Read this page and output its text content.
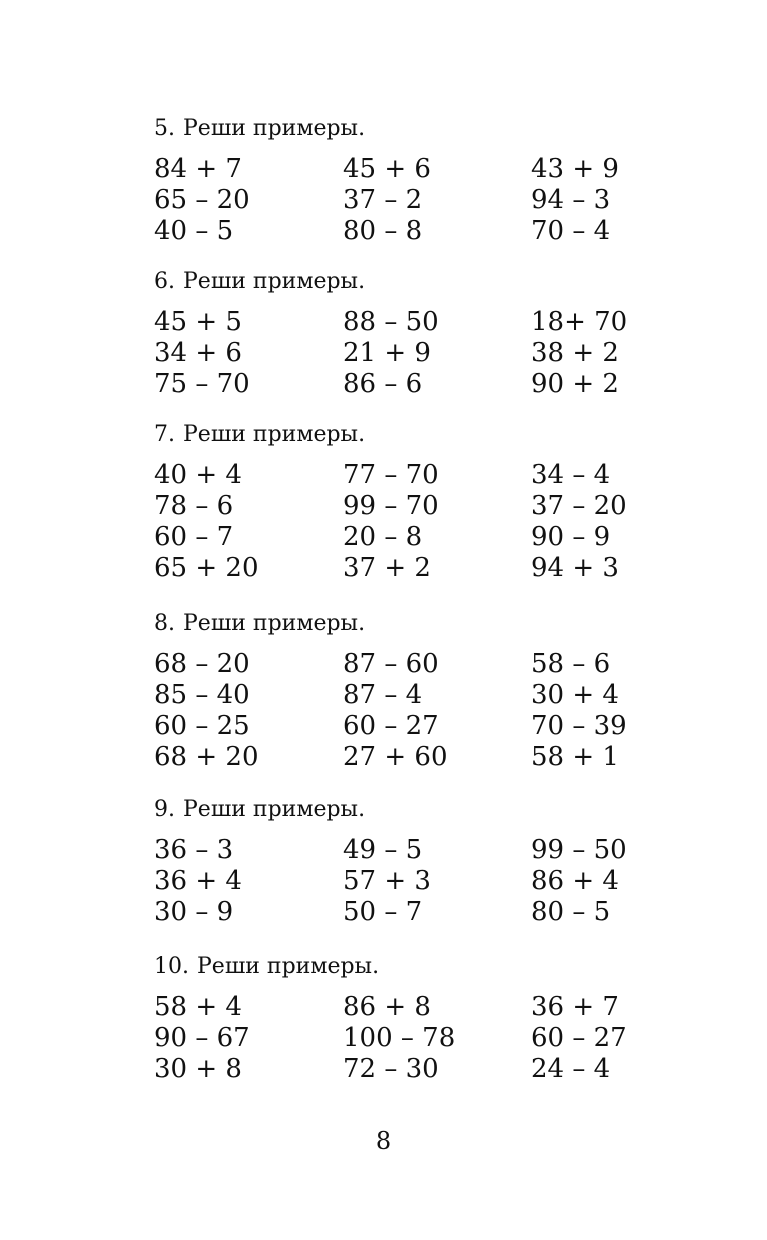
5. Реши примеры.
84 + 7	45 + 6	43 + 9
65 – 20	37 – 2	94 – 3
40 – 5	80 – 8	70 – 4
6. Реши примеры.
45 + 5	88 – 50	18+ 70
34 + 6	21 + 9	38 + 2
75 – 70	86 – 6	90 + 2
7. Реши примеры.
40 + 4	77 – 70	34 – 4
78 – 6	99 – 70	37 – 20
60 – 7	20 – 8	90 – 9
65 + 20	37 + 2	94 + 3
8. Реши примеры.
68 – 20	87 – 60	58 – 6
85 – 40	87 – 4	30 + 4
60 – 25	60 – 27	70 – 39
68 + 20	27 + 60	58 + 1
9. Реши примеры.
36 – 3	49 – 5	99 – 50
36 + 4	57 + 3	86 + 4
30 – 9	50 – 7	80 – 5
10. Реши примеры.
58 + 4	86 + 8	36 + 7
90 – 67	100 – 78	60 – 27
30 + 8	72 – 30	24 – 4
8
